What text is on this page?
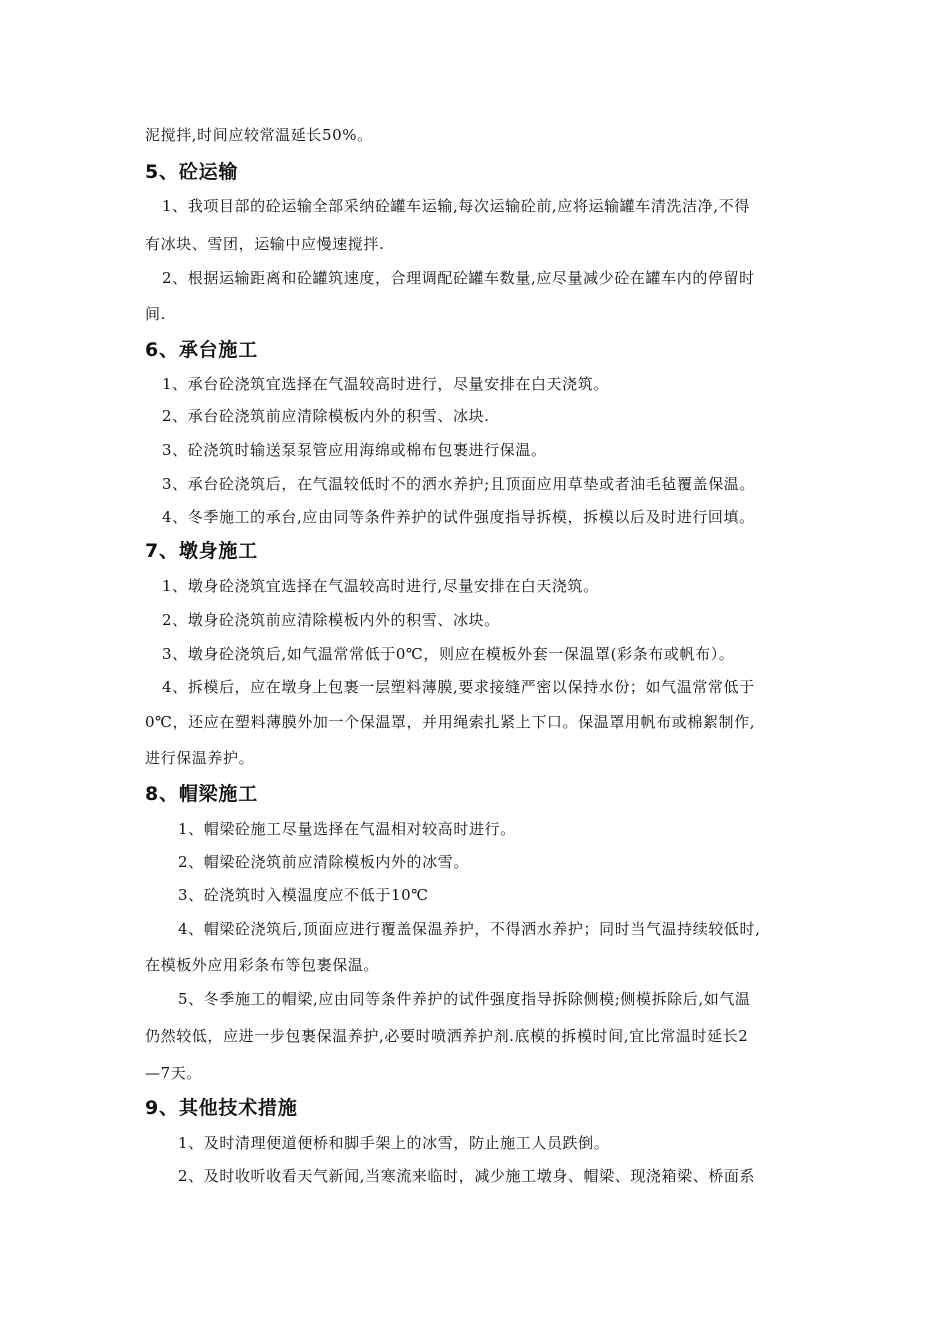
泥搅拌,时间应较常温延长50%。
5、砼运输
1、我项目部的砼运输全部采纳砼罐车运输,每次运输砼前,应将运输罐车清洗洁净,不得
有冰块、雪团，运输中应慢速搅拌.
2、根据运输距离和砼罐筑速度，合理调配砼罐车数量,应尽量减少砼在罐车内的停留时
间.
6、承台施工
1、承台砼浇筑宜选择在气温较高时进行，尽量安排在白天浇筑。
2、承台砼浇筑前应清除模板内外的积雪、冰块.
3、砼浇筑时输送泵泵管应用海绵或棉布包裹进行保温。
3、承台砼浇筑后，在气温较低时不的洒水养护;且顶面应用草垫或者油毛毡覆盖保温。
4、冬季施工的承台,应由同等条件养护的试件强度指导拆模，拆模以后及时进行回填。
7、墩身施工
1、墩身砼浇筑宜选择在气温较高时进行,尽量安排在白天浇筑。
2、墩身砼浇筑前应清除模板内外的积雪、冰块。
3、墩身砼浇筑后,如气温常常低于0℃，则应在模板外套一保温罩(彩条布或帆布）。
4、拆模后，应在墩身上包裹一层塑料薄膜,要求接缝严密以保持水份；如气温常常低于
0℃，还应在塑料薄膜外加一个保温罩，并用绳索扎紧上下口。保温罩用帆布或棉絮制作,
进行保温养护。
8、帽梁施工
1、帽梁砼施工尽量选择在气温相对较高时进行。
2、帽梁砼浇筑前应清除模板内外的冰雪。
3、砼浇筑时入模温度应不低于10℃
4、帽梁砼浇筑后,顶面应进行覆盖保温养护，不得洒水养护；同时当气温持续较低时,
在模板外应用彩条布等包裹保温。
5、冬季施工的帽梁,应由同等条件养护的试件强度指导拆除侧模;侧模拆除后,如气温
仍然较低，应进一步包裹保温养护,必要时喷洒养护剂.底模的拆模时间,宜比常温时延长2
—7天。
9、其他技术措施
1、及时清理便道便桥和脚手架上的冰雪，防止施工人员跌倒。
2、及时收听收看天气新闻,当寒流来临时，减少施工墩身、帽梁、现浇箱梁、桥面系
